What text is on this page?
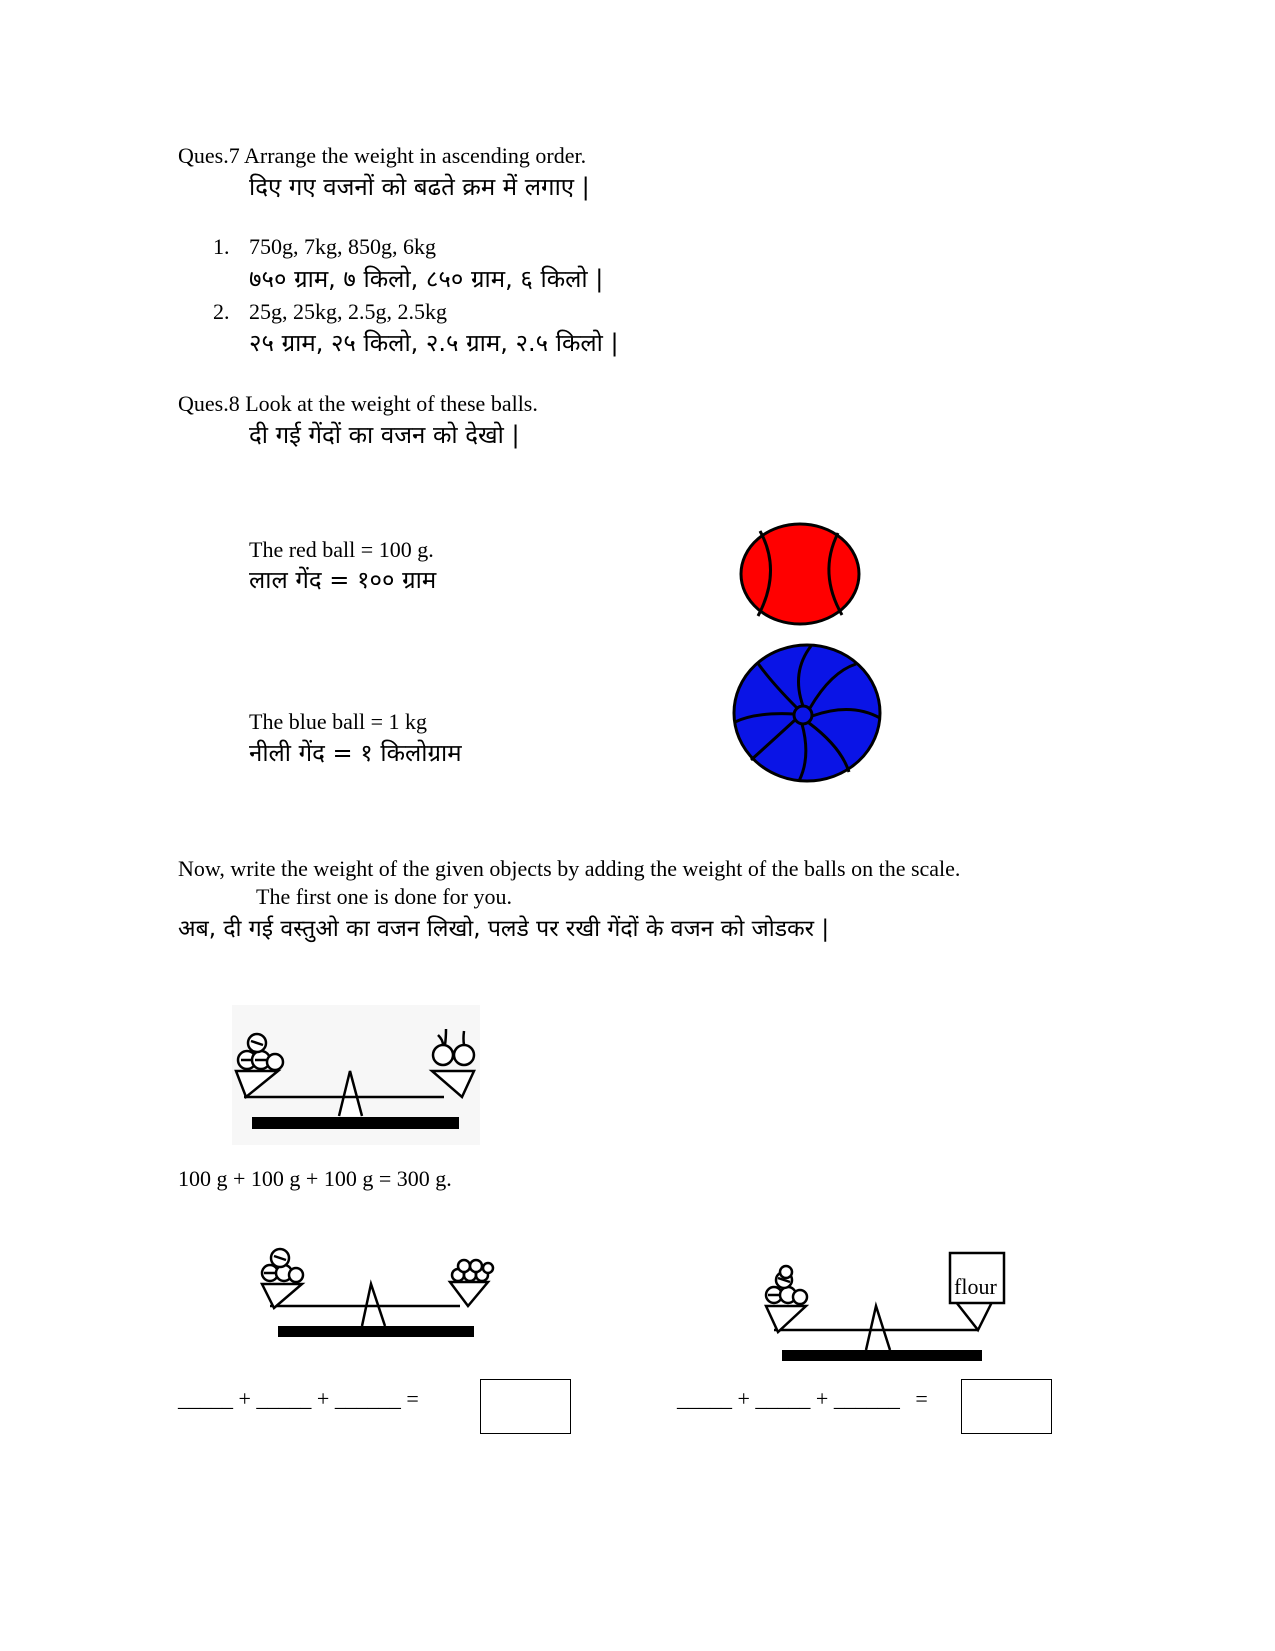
Ques.7 Arrange the weight in ascending order.
दिए गए वजनों को बढते क्रम में लगाए |
1. 750g, 7kg, 850g, 6kg
७५० ग्राम, ७ किलो, ८५० ग्राम, ६ किलो |
2. 25g, 25kg, 2.5g, 2.5kg
२५ ग्राम, २५ किलो, २.५ ग्राम, २.५ किलो |
Ques.8 Look at the weight of these balls.
दी गई गेंदों का वजन को देखो |
The red ball = 100 g.
लाल गेंद = १०० ग्राम
The blue ball = 1 kg
नीली गेंद = १ किलोग्राम
Now, write the weight of the given objects by adding the weight of the balls on the scale.
The first one is done for you.
अब, दी गई वस्तुओ का वजन लिखो, पलडे पर रखी गेंदों के वजन को जोडकर |
100 g + 100 g + 100 g = 300 g.
flour
_____ + _____ + ______ =	_____ + _____ + ______ =
